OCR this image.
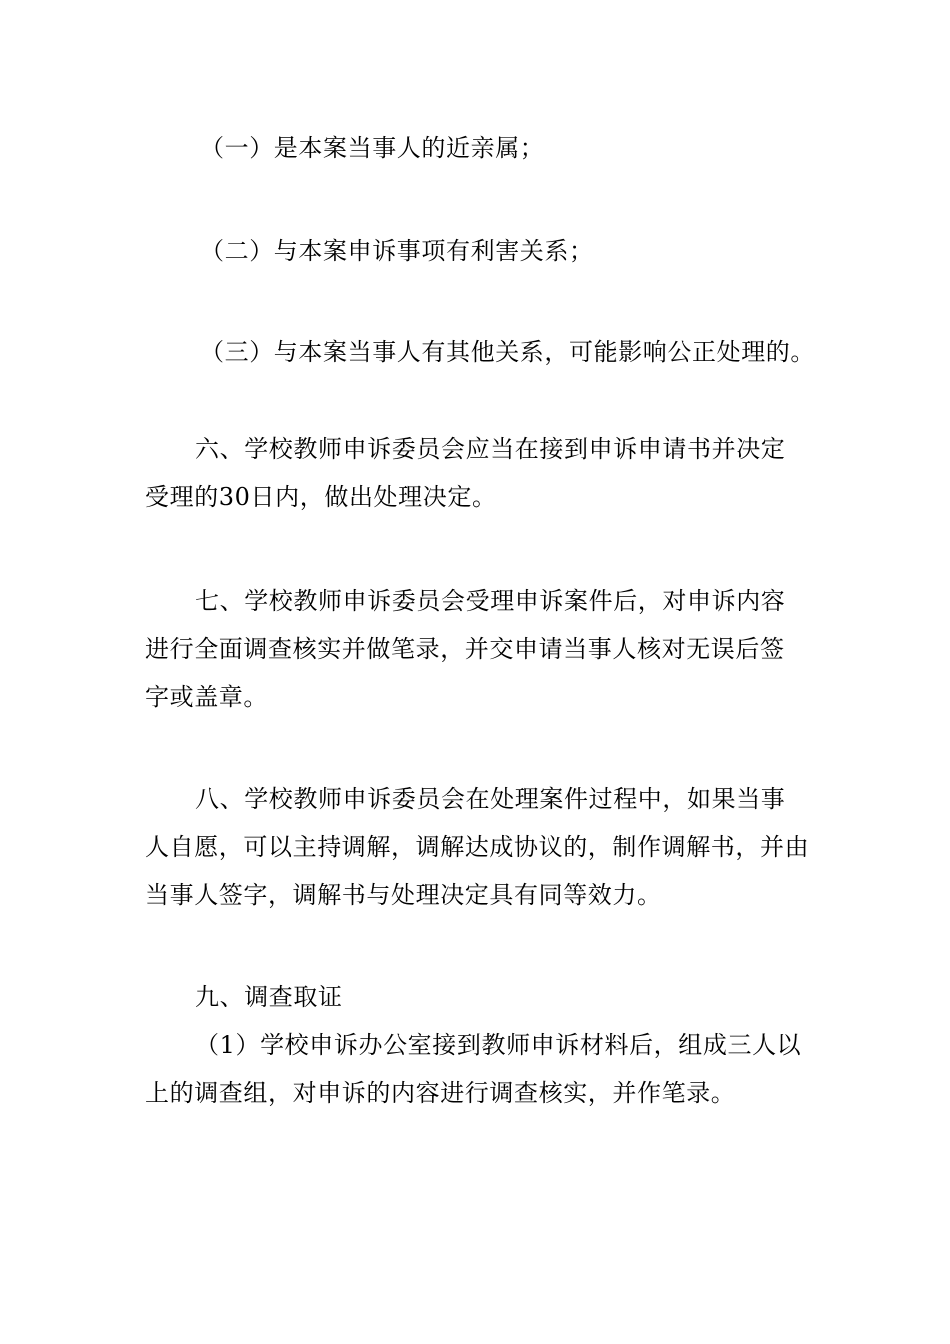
（一）是本案当事人的近亲属；

（二）与本案申诉事项有利害关系；

（三）与本案当事人有其他关系，可能影响公正处理的。

六、学校教师申诉委员会应当在接到申诉申请书并决定
受理的30日内，做出处理决定。

七、学校教师申诉委员会受理申诉案件后，对申诉内容
进行全面调查核实并做笔录，并交申请当事人核对无误后签
字或盖章。

八、学校教师申诉委员会在处理案件过程中，如果当事
人自愿，可以主持调解，调解达成协议的，制作调解书，并由
当事人签字，调解书与处理决定具有同等效力。

九、调查取证
（1）学校申诉办公室接到教师申诉材料后，组成三人以
上的调查组，对申诉的内容进行调查核实，并作笔录。
